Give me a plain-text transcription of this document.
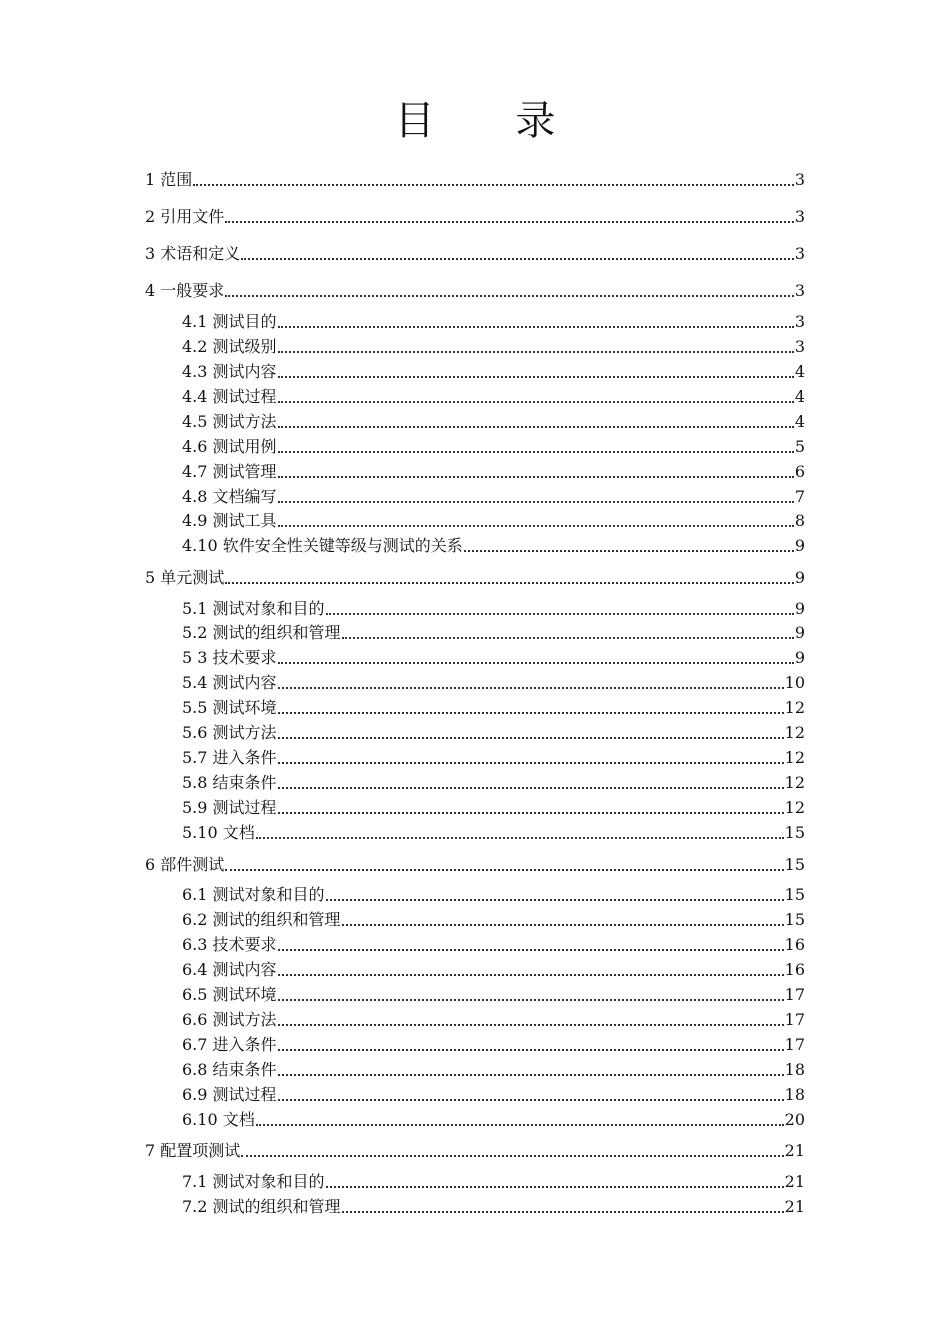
目 录
1 范围	3
2 引用文件	3
3 术语和定义	3
4 一般要求	3
4.1 测试目的	3
4.2 测试级别	3
4.3 测试内容	4
4.4 测试过程	4
4.5 测试方法	4
4.6 测试用例	5
4.7 测试管理	6
4.8 文档编写	7
4.9 测试工具	8
4.10 软件安全性关键等级与测试的关系	9
5 单元测试	9
5.1 测试对象和目的	9
5.2 测试的组织和管理	9
5 3 技术要求	9
5.4 测试内容	10
5.5 测试环境	12
5.6 测试方法	12
5.7 进入条件	12
5.8 结束条件	12
5.9 测试过程	12
5.10 文档	15
6 部件测试	15
6.1 测试对象和目的	15
6.2 测试的组织和管理	15
6.3 技术要求	16
6.4 测试内容	16
6.5 测试环境	17
6.6 测试方法	17
6.7 进入条件	17
6.8 结束条件	18
6.9 测试过程	18
6.10 文档	20
7 配置项测试	21
7.1 测试对象和目的	21
7.2 测试的组织和管理	21
